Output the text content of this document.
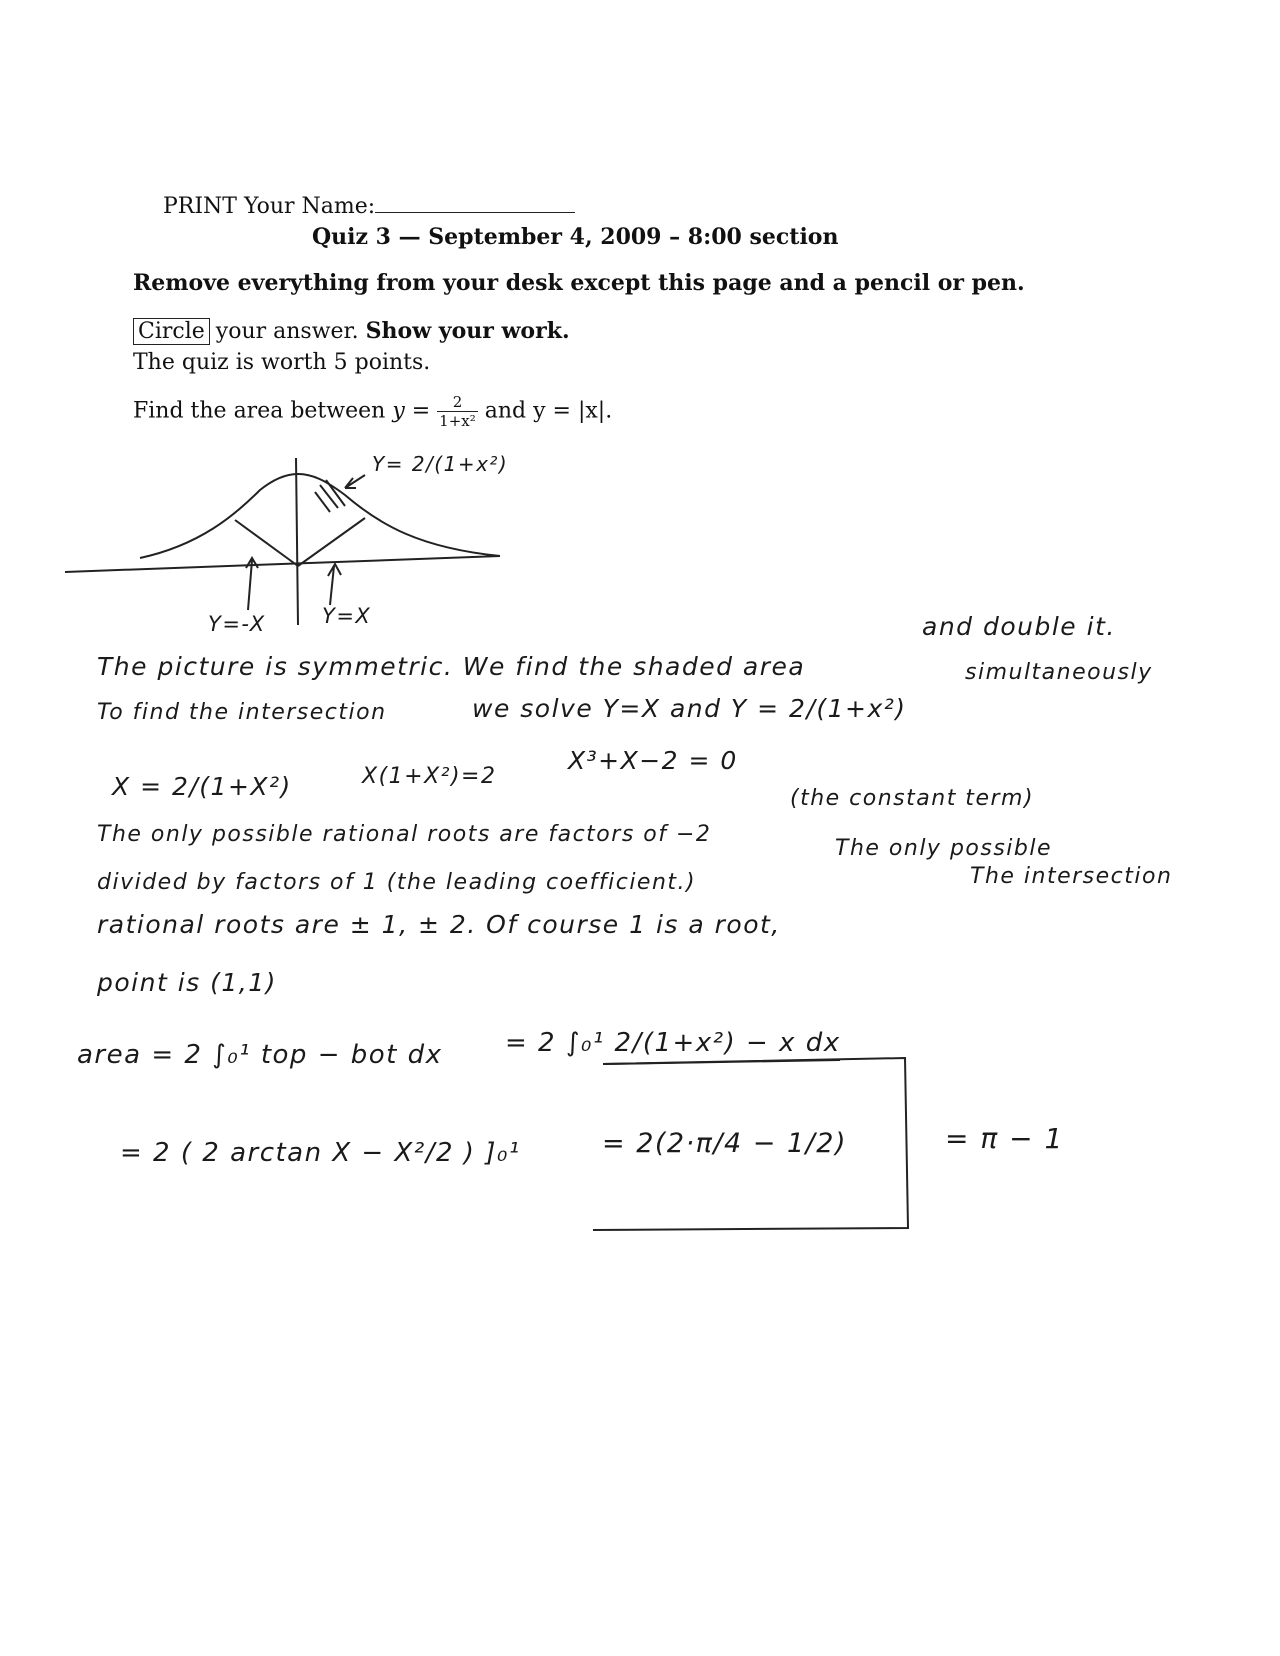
PRINT Your Name:
Quiz 3 — September 4, 2009 – 8:00 section
Remove everything from your desk except this page and a pencil or pen.
Circle your answer. Show your work.
The quiz is worth 5 points.
Find the area between $y = \frac{2}{\text{1+x²}}$ and y = |x|.
Y= 2/(1+x²)
Y=-X	Y=X	and double it.
The picture is symmetric. We find the shaded area	simultaneously
To find the intersection	we solve Y=X and Y = 2/(1+x²)
X = 2/(1+X²)	X(1+X²)=2
X³+X−2 = 0
(the constant term)
The only possible rational roots are factors of −2
The only possible
divided by factors of 1 (the leading coefficient.)	The intersection
rational roots are ± 1, ± 2. Of course 1 is a root,
point is (1,1)
area = 2 ∫₀¹ top − bot dx = 2 ∫₀¹ 2/(1+x²) − x dx
= 2 ( 2 arctan X − X²/2 ) ]₀¹	= 2(2·π/4 − 1/2)	= π − 1
